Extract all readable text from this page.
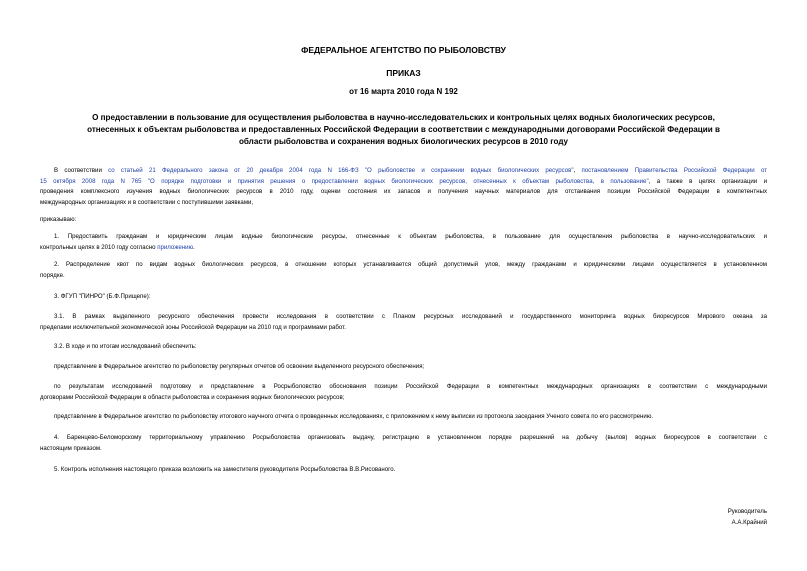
ФЕДЕРАЛЬНОЕ АГЕНТСТВО ПО РЫБОЛОВСТВУ
ПРИКАЗ
от 16 марта 2010 года N 192
О предоставлении в пользование для осуществления рыболовства в научно-исследовательских и контрольных целях водных биологических ресурсов,
отнесенных к объектам рыболовства и предоставленных Российской Федерации в соответствии с международными договорами Российской Федерации в
области рыболовства и сохранения водных биологических ресурсов в 2010 году
В соответствии со статьей 21 Федерального закона от 20 декабря 2004 года N 166-ФЗ "О рыболовстве и сохранении водных биологических ресурсов", постановлением Правительства Российской Федерации от
15 октября 2008 года N 765 "О порядке подготовки и принятия решения о предоставлении водных биологических ресурсов, отнесенных к объектам рыболовства, в пользование", а также в целях организации и
проведения комплексного изучения водных биологических ресурсов в 2010 году, оценки состояния их запасов и получения научных материалов для отстаивания позиции Российской Федерации в компетентных
международных организациях и в соответствии с поступившими заявками,
приказываю:
1. Предоставить гражданам и юридическим лицам водные биологические ресурсы, отнесенные к объектам рыболовства, в пользование для осуществления рыболовства в научно-исследовательских и
контрольных целях в 2010 году согласно приложению.
2. Распределение квот по видам водных биологических ресурсов, в отношении которых устанавливается общий допустимый улов, между гражданами и юридическими лицами осуществляется в установленном
порядке.
3. ФГУП "ПИНРО" (Б.Ф.Прищепе):
3.1. В рамках выделенного ресурсного обеспечения провести исследования в соответствии с Планом ресурсных исследований и государственного мониторинга водных биоресурсов Мирового океана за
пределами исключительной экономической зоны Российской Федерации на 2010 год и программами работ.
3.2. В ходе и по итогам исследований обеспечить:
представление в Федеральное агентство по рыболовству регулярных отчетов об освоении выделенного ресурсного обеспечения;
по результатам исследований подготовку и представление в Росрыболовство обоснования позиции Российской Федерации в компетентных международных организациях в соответствии с международными
договорами Российской Федерации в области рыболовства и сохранения водных биологических ресурсов;
представление в Федеральное агентство по рыболовству итогового научного отчета о проведенных исследованиях, с приложением к нему выписки из протокола заседания Ученого совета по его рассмотрению.
4. Баренцево-Беломорскому территориальному управлению Росрыболовства организовать выдачу, регистрацию в установленном порядке разрешений на добычу (вылов) водных биоресурсов в соответствии с
настоящим приказом.
5. Контроль исполнения настоящего приказа возложить на заместителя руководителя Росрыболовства В.В.Рисованого.
Руководитель
А.А.Крайний
